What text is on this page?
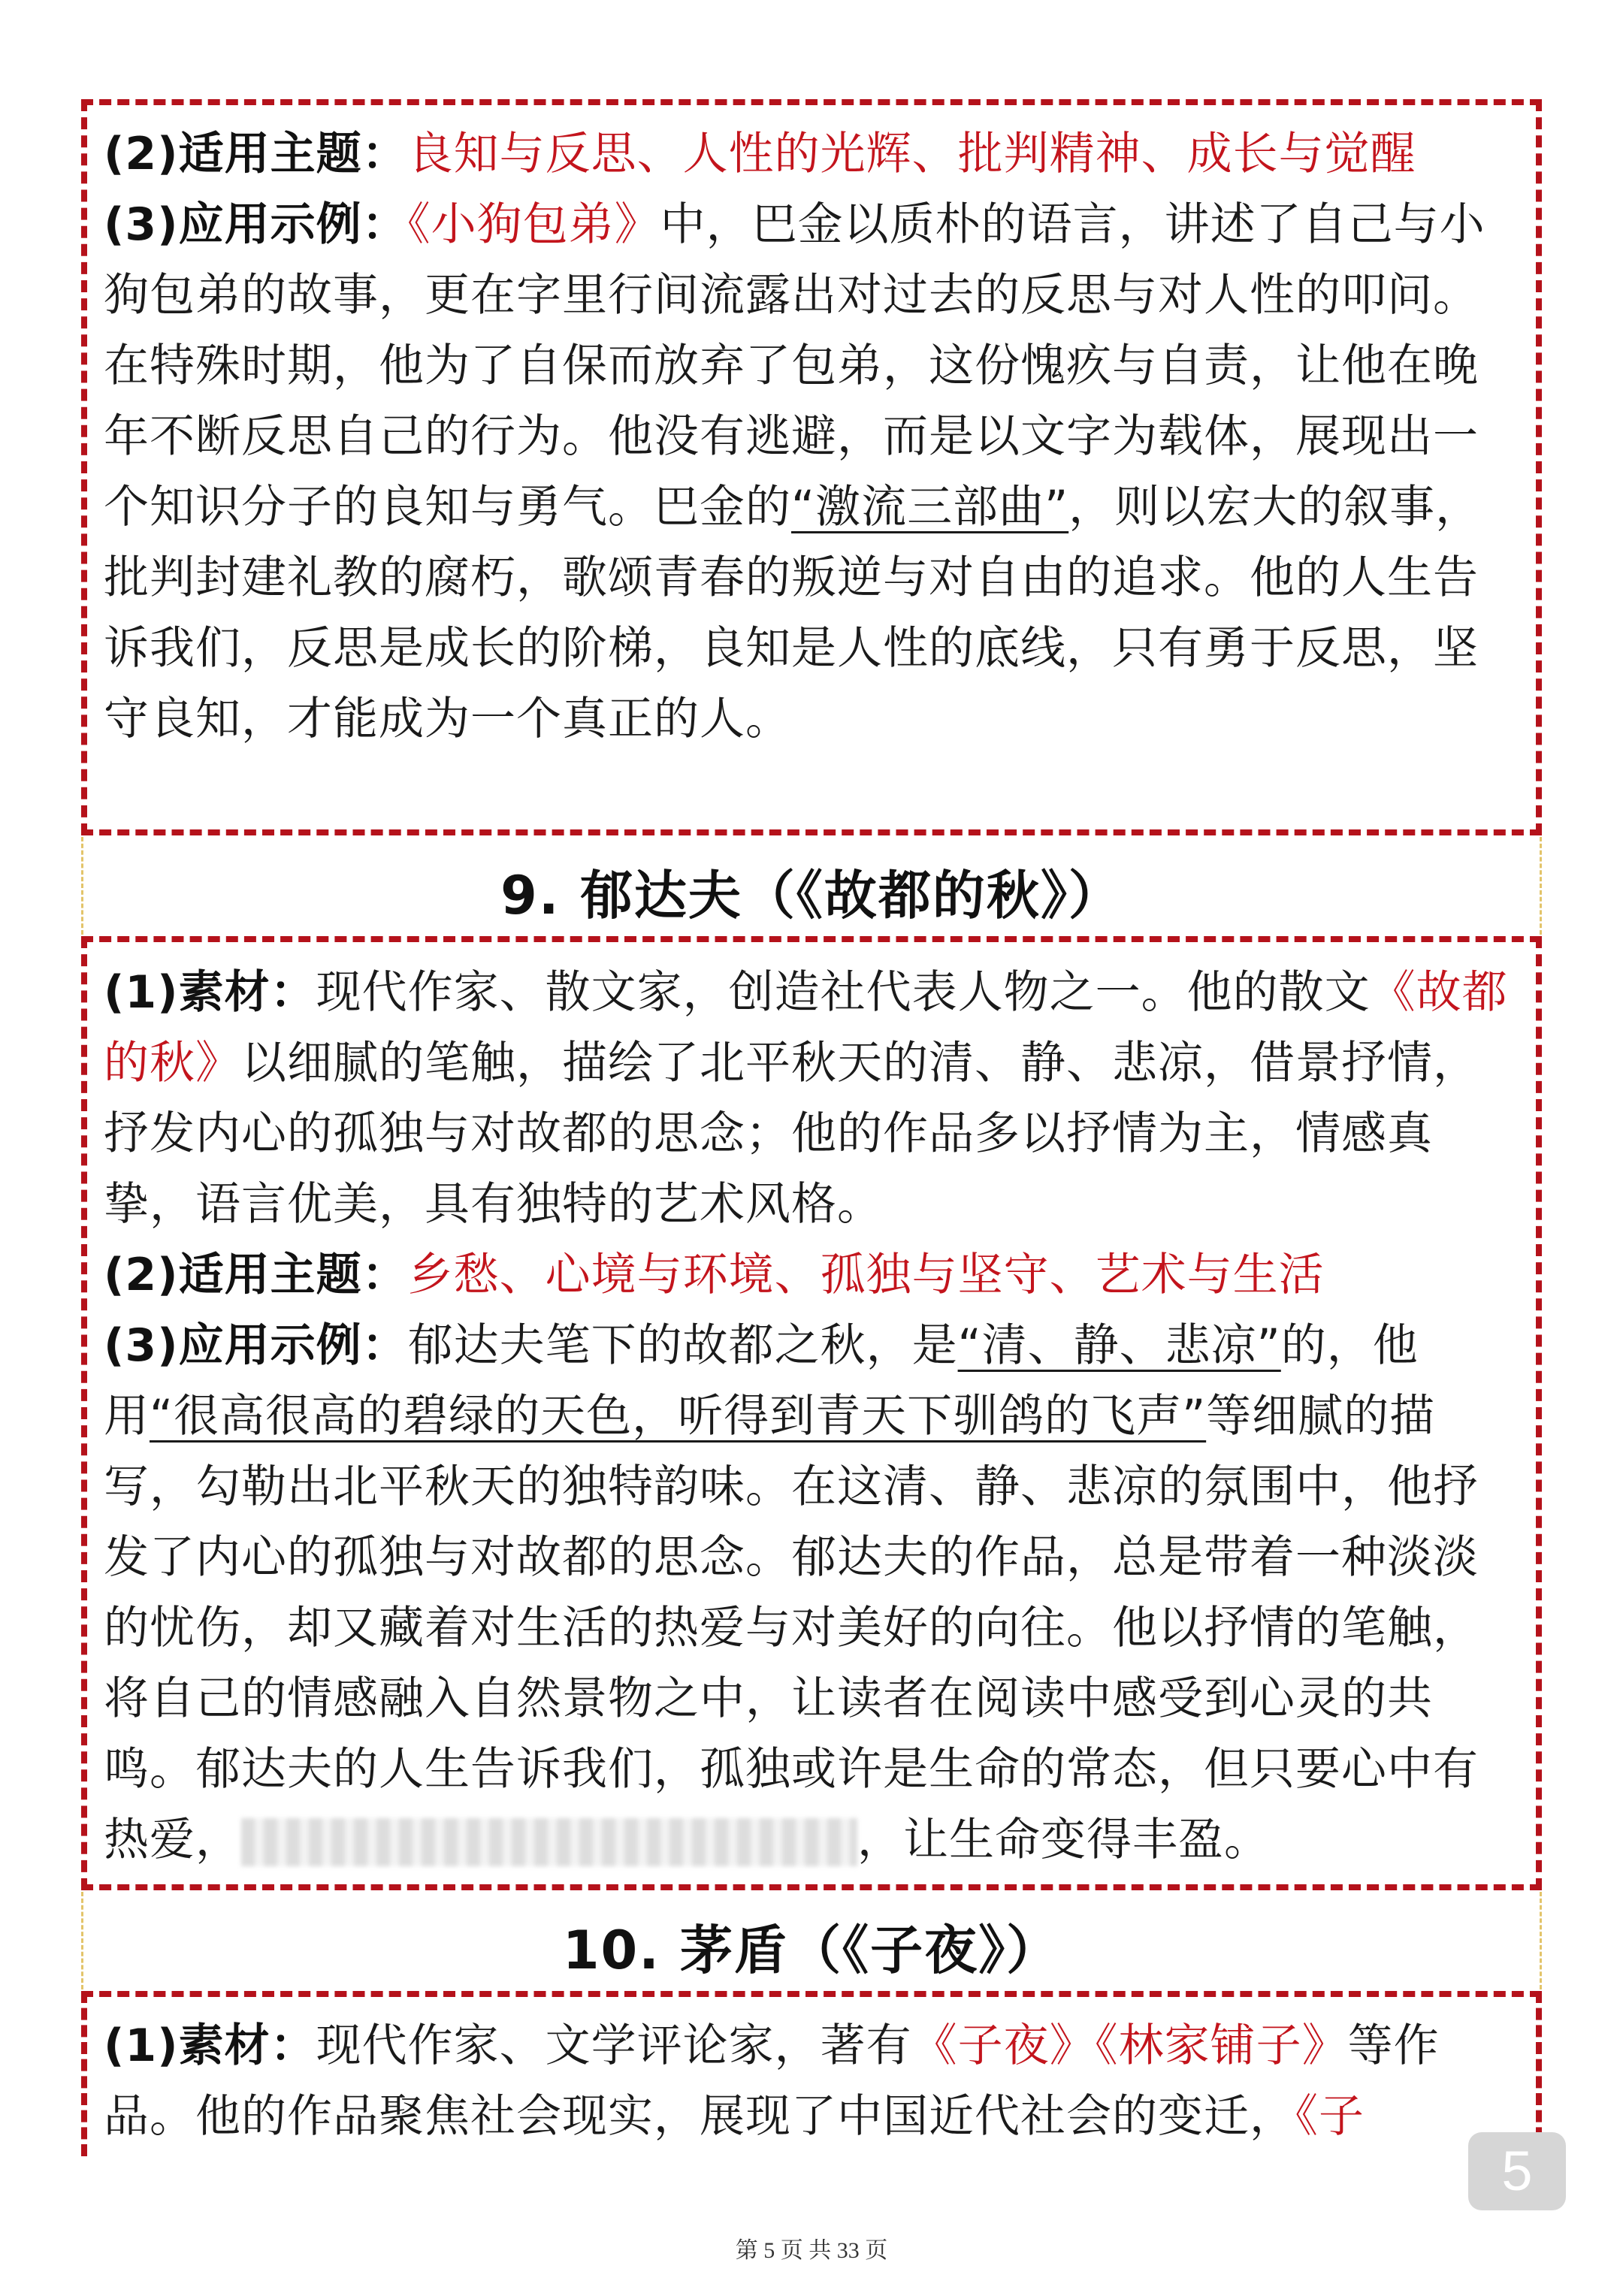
(2)适用主题：良知与反思、人性的光辉、批判精神、成长与觉醒

(3)应用示例：《小狗包弟》中，巴金以质朴的语言，讲述了自己与小狗包弟的故事，更在字里行间流露出对过去的反思与对人性的叩问。在特殊时期，他为了自保而放弃了包弟，这份愧疚与自责，让他在晚年不断反思自己的行为。他没有逃避，而是以文字为载体，展现出一个知识分子的良知与勇气。巴金的“激流三部曲”，则以宏大的叙事，批判封建礼教的腐朽，歌颂青春的叛逆与对自由的追求。他的人生告诉我们，反思是成长的阶梯，良知是人性的底线，只有勇于反思，坚守良知，才能成为一个真正的人。

9. 郁达夫（《故都的秋》）

(1)素材：现代作家、散文家，创造社代表人物之一。他的散文《故都的秋》以细腻的笔触，描绘了北平秋天的清、静、悲凉，借景抒情，抒发内心的孤独与对故都的思念；他的作品多以抒情为主，情感真挚，语言优美，具有独特的艺术风格。

(2)适用主题：乡愁、心境与环境、孤独与坚守、艺术与生活

(3)应用示例：郁达夫笔下的故都之秋，是“清、静、悲凉”的，他用“很高很高的碧绿的天色，听得到青天下驯鸽的飞声”等细腻的描写，勾勒出北平秋天的独特韵味。在这清、静、悲凉的氛围中，他抒发了内心的孤独与对故都的思念。郁达夫的作品，总是带着一种淡淡的忧伤，却又藏着对生活的热爱与对美好的向往。他以抒情的笔触，将自己的情感融入自然景物之中，让读者在阅读中感受到心灵的共鸣。郁达夫的人生告诉我们，孤独或许是生命的常态，但只要心中有热爱，	，让生命变得丰盈。

10. 茅盾（《子夜》）

(1)素材：现代作家、文学评论家，著有《子夜》《林家铺子》等作品。他的作品聚焦社会现实，展现了中国近代社会的变迁，《子

5
第 5 页 共 33 页
